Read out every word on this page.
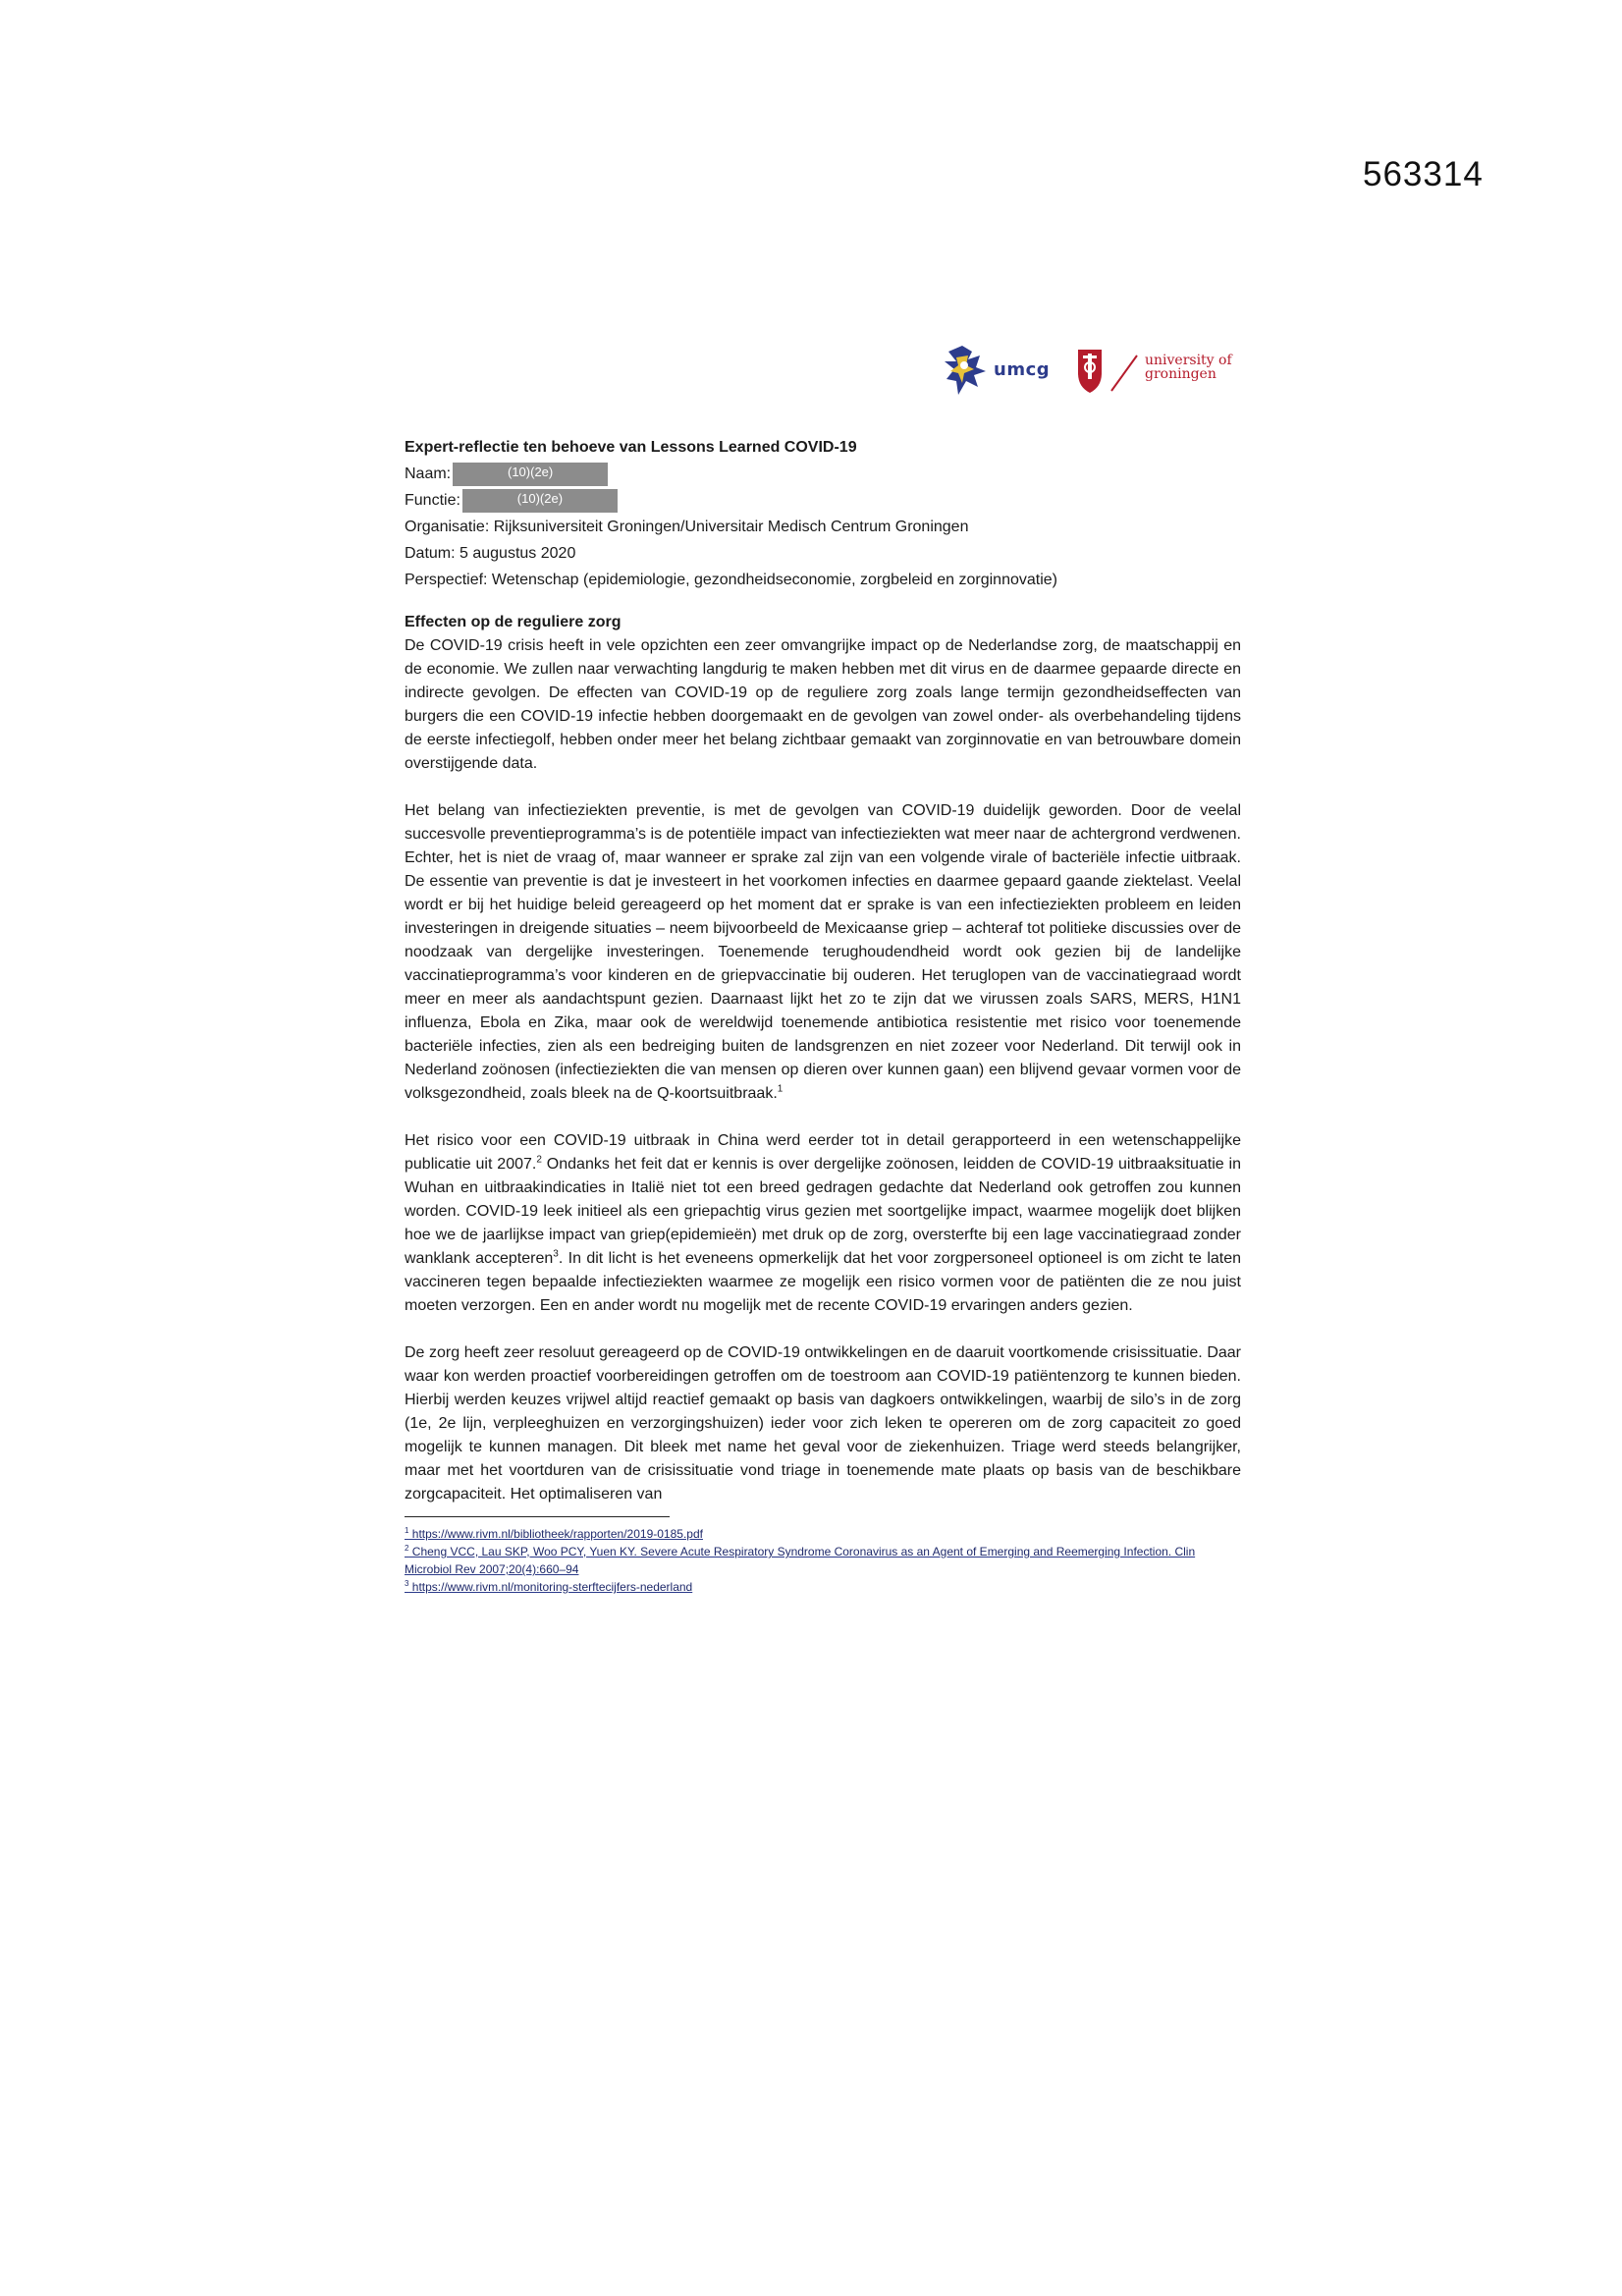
563314
umcg	university of
groningen
Expert-reflectie ten behoeve van Lessons Learned COVID-19
Naam:	(10)(2e)
Functie:	(10)(2e)
Organisatie: Rijksuniversiteit Groningen/Universitair Medisch Centrum Groningen
Datum: 5 augustus 2020
Perspectief: Wetenschap (epidemiologie, gezondheidseconomie, zorgbeleid en zorginnovatie)
Effecten op de reguliere zorg

De COVID-19 crisis heeft in vele opzichten een zeer omvangrijke impact op de Nederlandse zorg, de maatschappij en de economie. We zullen naar verwachting langdurig te maken hebben met dit virus en de daarmee gepaarde directe en indirecte gevolgen. De effecten van COVID-19 op de reguliere zorg zoals lange termijn gezondheidseffecten van burgers die een COVID-19 infectie hebben doorgemaakt en de gevolgen van zowel onder- als overbehandeling tijdens de eerste infectiegolf, hebben onder meer het belang zichtbaar gemaakt van zorginnovatie en van betrouwbare domein overstijgende data.

Het belang van infectieziekten preventie, is met de gevolgen van COVID-19 duidelijk geworden. Door de veelal succesvolle preventieprogramma’s is de potentiële impact van infectieziekten wat meer naar de achtergrond verdwenen. Echter, het is niet de vraag of, maar wanneer er sprake zal zijn van een volgende virale of bacteriële infectie uitbraak. De essentie van preventie is dat je investeert in het voorkomen infecties en daarmee gepaard gaande ziektelast. Veelal wordt er bij het huidige beleid gereageerd op het moment dat er sprake is van een infectieziekten probleem en leiden investeringen in dreigende situaties – neem bijvoorbeeld de Mexicaanse griep – achteraf tot politieke discussies over de noodzaak van dergelijke investeringen. Toenemende terughoudendheid wordt ook gezien bij de landelijke vaccinatieprogramma’s voor kinderen en de griepvaccinatie bij ouderen. Het teruglopen van de vaccinatiegraad wordt meer en meer als aandachtspunt gezien. Daarnaast lijkt het zo te zijn dat we virussen zoals SARS, MERS, H1N1 influenza, Ebola en Zika, maar ook de wereldwijd toenemende antibiotica resistentie met risico voor toenemende bacteriële infecties, zien als een bedreiging buiten de landsgrenzen en niet zozeer voor Nederland. Dit terwijl ook in Nederland zoönosen (infectieziekten die van mensen op dieren over kunnen gaan) een blijvend gevaar vormen voor de volksgezondheid, zoals bleek na de Q-koortsuitbraak.$^1$

Het risico voor een COVID-19 uitbraak in China werd eerder tot in detail gerapporteerd in een wetenschappelijke publicatie uit 2007.$^2$ Ondanks het feit dat er kennis is over dergelijke zoönosen, leidden de COVID-19 uitbraaksituatie in Wuhan en uitbraakindicaties in Italië niet tot een breed gedragen gedachte dat Nederland ook getroffen zou kunnen worden. COVID-19 leek initieel als een griepachtig virus gezien met soortgelijke impact, waarmee mogelijk doet blijken hoe we de jaarlijkse impact van griep(epidemieën) met druk op de zorg, oversterfte bij een lage vaccinatiegraad zonder wanklank accepteren$^3$. In dit licht is het eveneens opmerkelijk dat het voor zorgpersoneel optioneel is om zicht te laten vaccineren tegen bepaalde infectieziekten waarmee ze mogelijk een risico vormen voor de patiënten die ze nou juist moeten verzorgen. Een en ander wordt nu mogelijk met de recente COVID-19 ervaringen anders gezien.

De zorg heeft zeer resoluut gereageerd op de COVID-19 ontwikkelingen en de daaruit voortkomende crisissituatie. Daar waar kon werden proactief voorbereidingen getroffen om de toestroom aan COVID-19 patiëntenzorg te kunnen bieden. Hierbij werden keuzes vrijwel altijd reactief gemaakt op basis van dagkoers ontwikkelingen, waarbij de silo’s in de zorg (1e, 2e lijn, verpleeghuizen en verzorgingshuizen) ieder voor zich leken te opereren om de zorg capaciteit zo goed mogelijk te kunnen managen. Dit bleek met name het geval voor de ziekenhuizen. Triage werd steeds belangrijker, maar met het voortduren van de crisissituatie vond triage in toenemende mate plaats op basis van de beschikbare zorgcapaciteit. Het optimaliseren van

$^1$ https://www.rivm.nl/bibliotheek/rapporten/2019-0185.pdf
$^2$ Cheng VCC, Lau SKP, Woo PCY, Yuen KY. Severe Acute Respiratory Syndrome Coronavirus as an Agent of Emerging and Reemerging Infection. Clin Microbiol Rev 2007;20(4):660–94
$^3$ https://www.rivm.nl/monitoring-sterftecijfers-nederland
